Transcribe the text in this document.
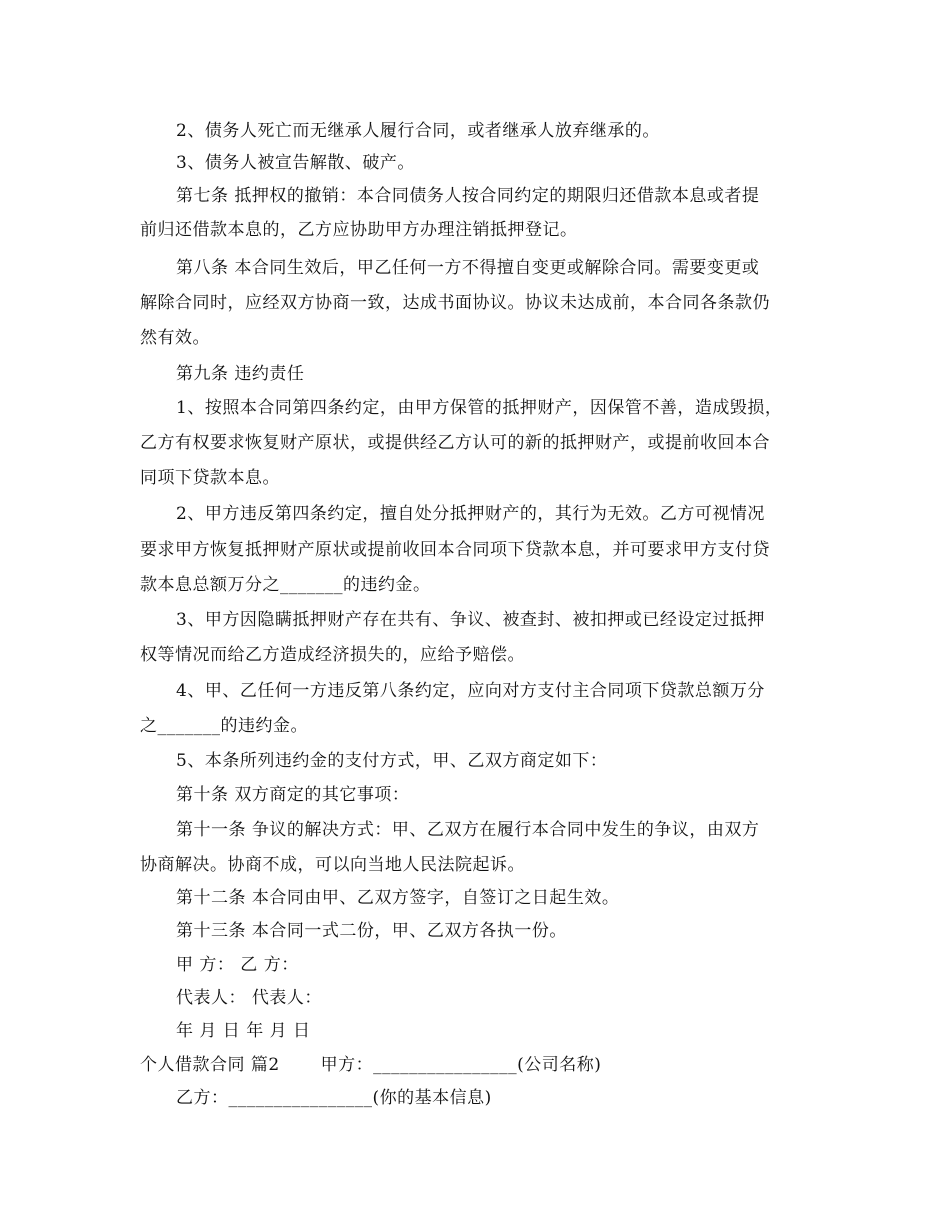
2、债务人死亡而无继承人履行合同，或者继承人放弃继承的。
3、债务人被宣告解散、破产。
第七条 抵押权的撤销：本合同债务人按合同约定的期限归还借款本息或者提
前归还借款本息的，乙方应协助甲方办理注销抵押登记。
第八条 本合同生效后，甲乙任何一方不得擅自变更或解除合同。需要变更或
解除合同时，应经双方协商一致，达成书面协议。协议未达成前，本合同各条款仍
然有效。
第九条 违约责任
1、按照本合同第四条约定，由甲方保管的抵押财产，因保管不善，造成毁损，
乙方有权要求恢复财产原状，或提供经乙方认可的新的抵押财产，或提前收回本合
同项下贷款本息。
2、甲方违反第四条约定，擅自处分抵押财产的，其行为无效。乙方可视情况
要求甲方恢复抵押财产原状或提前收回本合同项下贷款本息，并可要求甲方支付贷
款本息总额万分之_______的违约金。
3、甲方因隐瞒抵押财产存在共有、争议、被查封、被扣押或已经设定过抵押
权等情况而给乙方造成经济损失的，应给予赔偿。
4、甲、乙任何一方违反第八条约定，应向对方支付主合同项下贷款总额万分
之_______的违约金。
5、本条所列违约金的支付方式，甲、乙双方商定如下：
第十条 双方商定的其它事项：
第十一条 争议的解决方式：甲、乙双方在履行本合同中发生的争议，由双方
协商解决。协商不成，可以向当地人民法院起诉。
第十二条 本合同由甲、乙双方签字，自签订之日起生效。
第十三条 本合同一式二份，甲、乙双方各执一份。
甲 方： 乙 方：
代表人： 代表人：
年 月 日 年 月 日
个人借款合同 篇2　　 甲方：________________(公司名称)
乙方：________________(你的基本信息)
